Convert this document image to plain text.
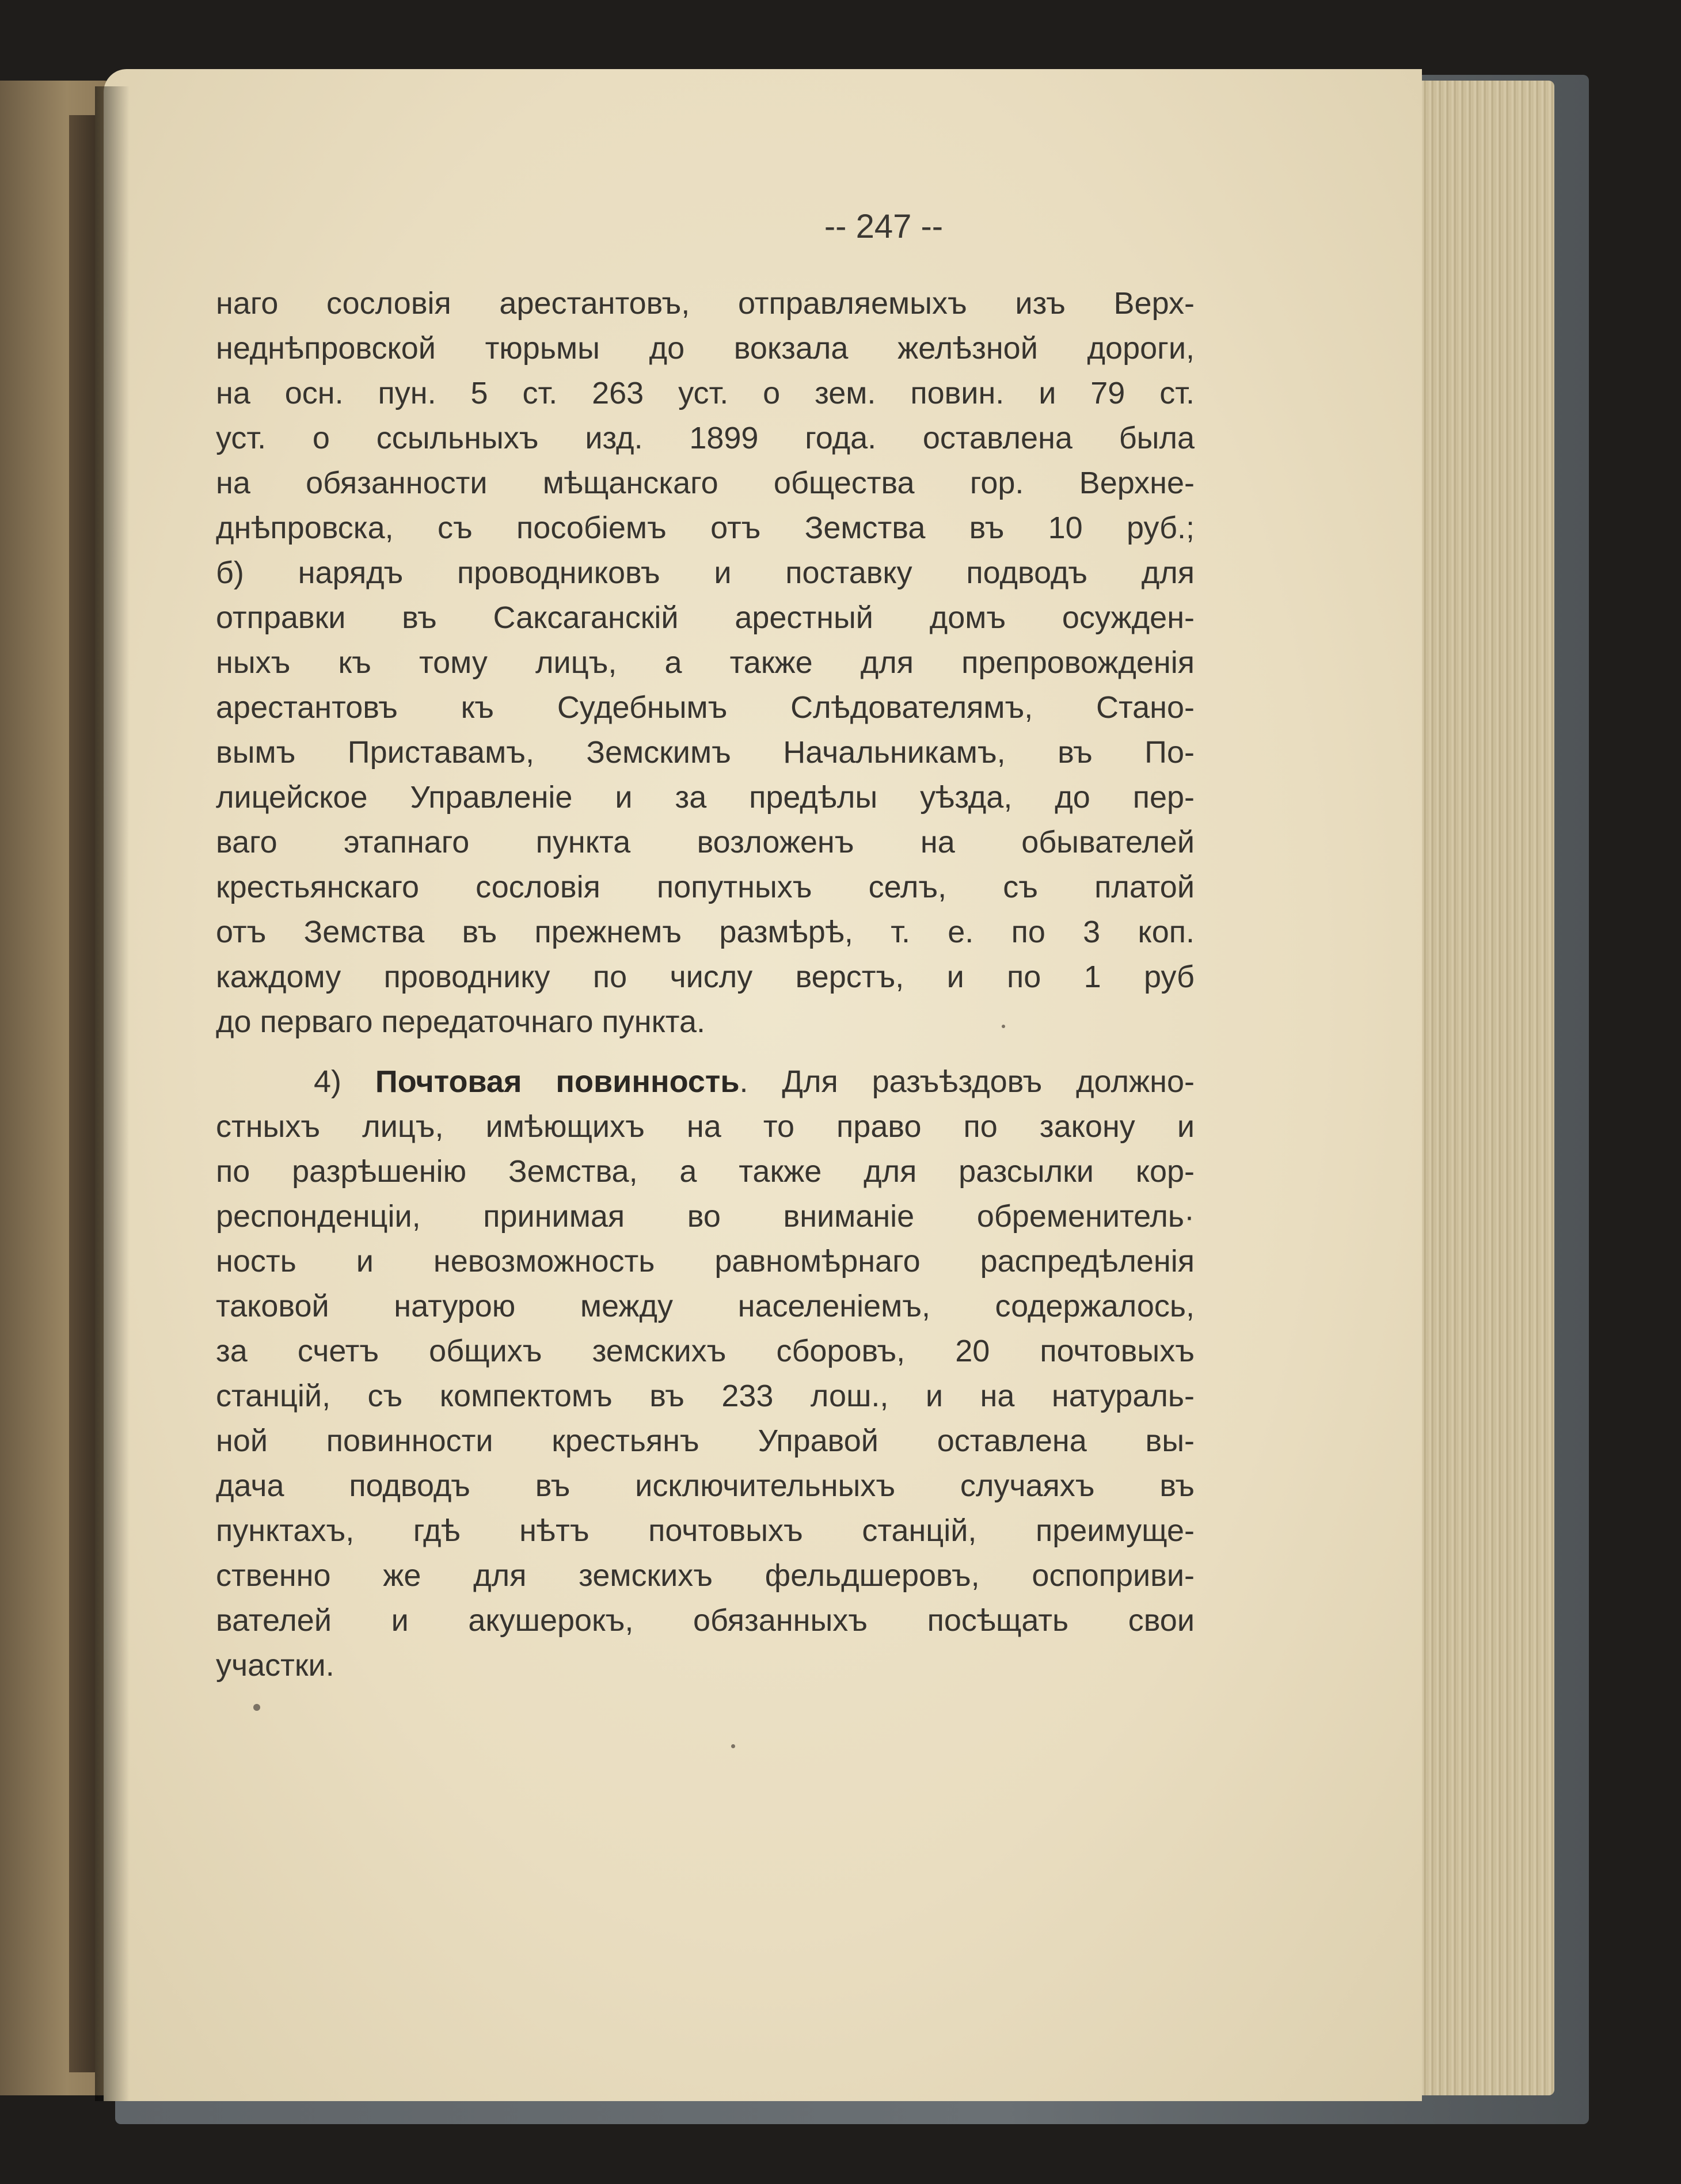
-- 247 --
наго сословія арестантовъ, отправляемыхъ изъ Верх-
неднѣпровской тюрьмы до вокзала желѣзной дороги,
на осн. пун. 5 ст. 263 уст. о зем. повин. и 79 ст.
уст. о ссыльныхъ изд. 1899 года. оставлена была
на обязанности мѣщанскаго общества гор. Верхне-
днѣпровска, съ пособіемъ отъ Земства въ 10 руб.;
б) нарядъ проводниковъ и поставку подводъ для
отправки въ Саксаганскій арестный домъ осужден-
ныхъ къ тому лицъ, а также для препровожденія
арестантовъ къ Судебнымъ Слѣдователямъ, Стано-
вымъ Приставамъ, Земскимъ Начальникамъ, въ По-
лицейское Управленіе и за предѣлы уѣзда, до пер-
ваго этапнаго пункта возложенъ на обывателей
крестьянскаго сословія попутныхъ селъ, съ платой
отъ Земства въ прежнемъ размѣрѣ, т. е. по 3 коп.
каждому проводнику по числу верстъ, и по 1 руб
до перваго передаточнаго пункта.
4) Почтовая повинность. Для разъѣздовъ должно-
стныхъ лицъ, имѣющихъ на то право по закону и
по разрѣшенію Земства, а также для разсылки кор-
респонденціи, принимая во вниманіе обременитель·
ность и невозможность равномѣрнаго распредѣленія
таковой натурою между населеніемъ, содержалось,
за счетъ общихъ земскихъ сборовъ, 20 почтовыхъ
станцій, съ компектомъ въ 233 лош., и на натураль-
ной повинности крестьянъ Управой оставлена вы-
дача подводъ въ исключительныхъ случаяхъ въ
пунктахъ, гдѣ нѣтъ почтовыхъ станцій, преимуще-
ственно же для земскихъ фельдшеровъ, оспоприви-
вателей и акушерокъ, обязанныхъ посѣщать свои
участки.
